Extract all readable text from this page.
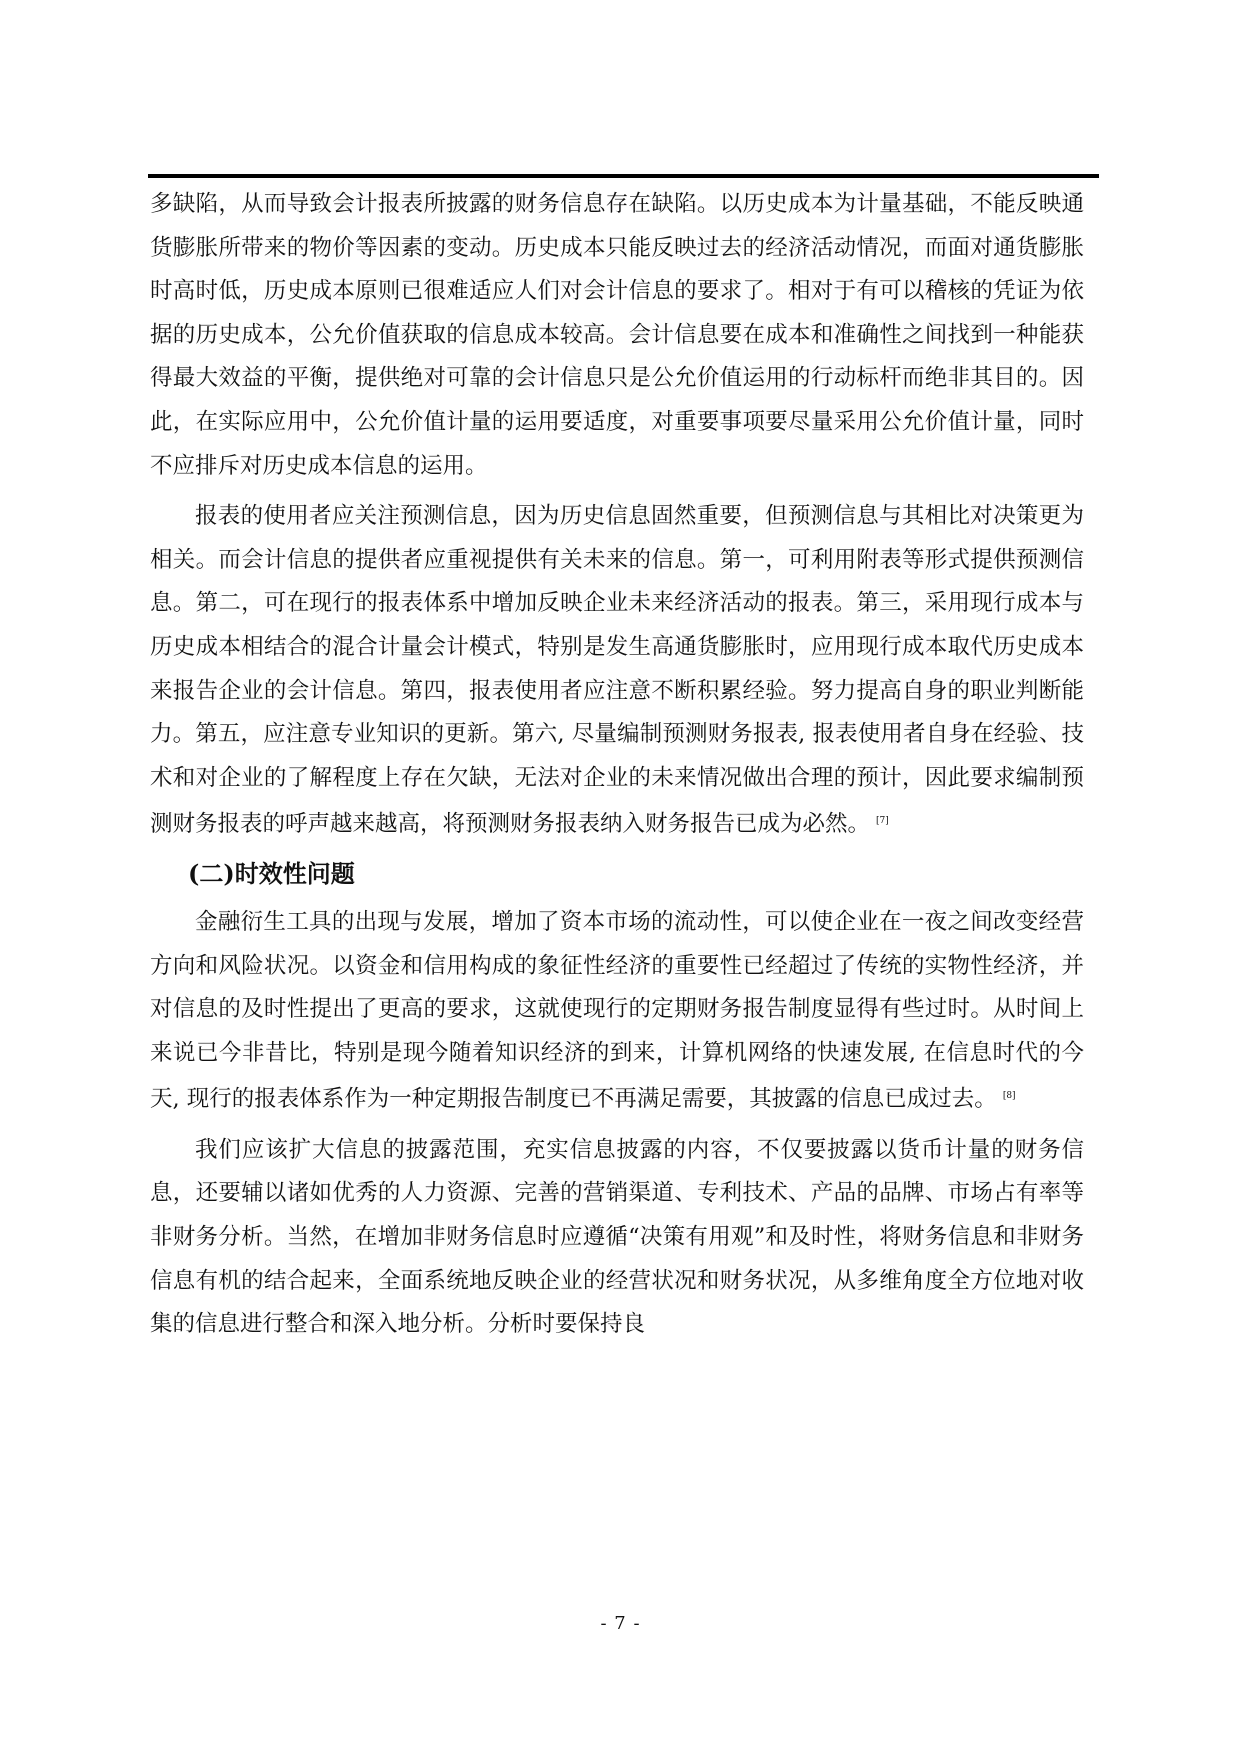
多缺陷，从而导致会计报表所披露的财务信息存在缺陷。以历史成本为计量基础，不能反映通货膨胀所带来的物价等因素的变动。历史成本只能反映过去的经济活动情况，而面对通货膨胀时高时低，历史成本原则已很难适应人们对会计信息的要求了。相对于有可以稽核的凭证为依据的历史成本，公允价值获取的信息成本较高。会计信息要在成本和准确性之间找到一种能获得最大效益的平衡，提供绝对可靠的会计信息只是公允价值运用的行动标杆而绝非其目的。因此，在实际应用中，公允价值计量的运用要适度，对重要事项要尽量采用公允价值计量，同时不应排斥对历史成本信息的运用。

报表的使用者应关注预测信息，因为历史信息固然重要，但预测信息与其相比对决策更为相关。而会计信息的提供者应重视提供有关未来的信息。第一，可利用附表等形式提供预测信息。第二，可在现行的报表体系中增加反映企业未来经济活动的报表。第三，采用现行成本与历史成本相结合的混合计量会计模式，特别是发生高通货膨胀时，应用现行成本取代历史成本来报告企业的会计信息。第四，报表使用者应注意不断积累经验。努力提高自身的职业判断能力。第五，应注意专业知识的更新。第六, 尽量编制预测财务报表, 报表使用者自身在经验、技术和对企业的了解程度上存在欠缺，无法对企业的未来情况做出合理的预计，因此要求编制预测财务报表的呼声越来越高，将预测财务报表纳入财务报告已成为必然。 [7]

(二)时效性问题

金融衍生工具的出现与发展，增加了资本市场的流动性，可以使企业在一夜之间改变经营方向和风险状况。以资金和信用构成的象征性经济的重要性已经超过了传统的实物性经济，并对信息的及时性提出了更高的要求，这就使现行的定期财务报告制度显得有些过时。从时间上来说已今非昔比，特别是现今随着知识经济的到来，计算机网络的快速发展, 在信息时代的今天, 现行的报表体系作为一种定期报告制度已不再满足需要，其披露的信息已成过去。 [8]

我们应该扩大信息的披露范围，充实信息披露的内容，不仅要披露以货币计量的财务信息，还要辅以诸如优秀的人力资源、完善的营销渠道、专利技术、产品的品牌、市场占有率等非财务分析。当然，在增加非财务信息时应遵循“决策有用观”和及时性，将财务信息和非财务信息有机的结合起来，全面系统地反映企业的经营状况和财务状况，从多维角度全方位地对收集的信息进行整合和深入地分析。分析时要保持良

- 7 -
